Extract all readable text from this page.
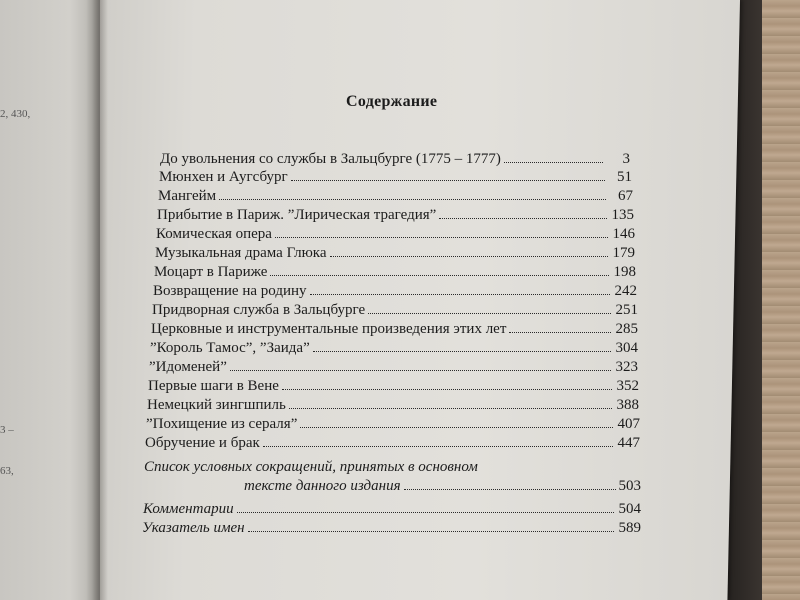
2, 430,
3 –
63,
Содержание
До увольнения со службы в Зальцбурге (1775 – 1777)	3
Мюнхен и Аугсбург	51
Мангейм	67
Прибытие в Париж. ”Лирическая трагедия”	135
Комическая опера	146
Музыкальная драма Глюка	179
Моцарт в Париже	198
Возвращение на родину	242
Придворная служба в Зальцбурге	251
Церковные и инструментальные произведения этих лет	285
”Король Тамос”, ”Заида”	304
”Идоменей”	323
Первые шаги в Вене	352
Немецкий зингшпиль	388
”Похищение из сераля”	407
Обручение и брак	447
Список условных сокращений, принятых в основном
тексте данного издания	503
Комментарии	504
Указатель имен	589
